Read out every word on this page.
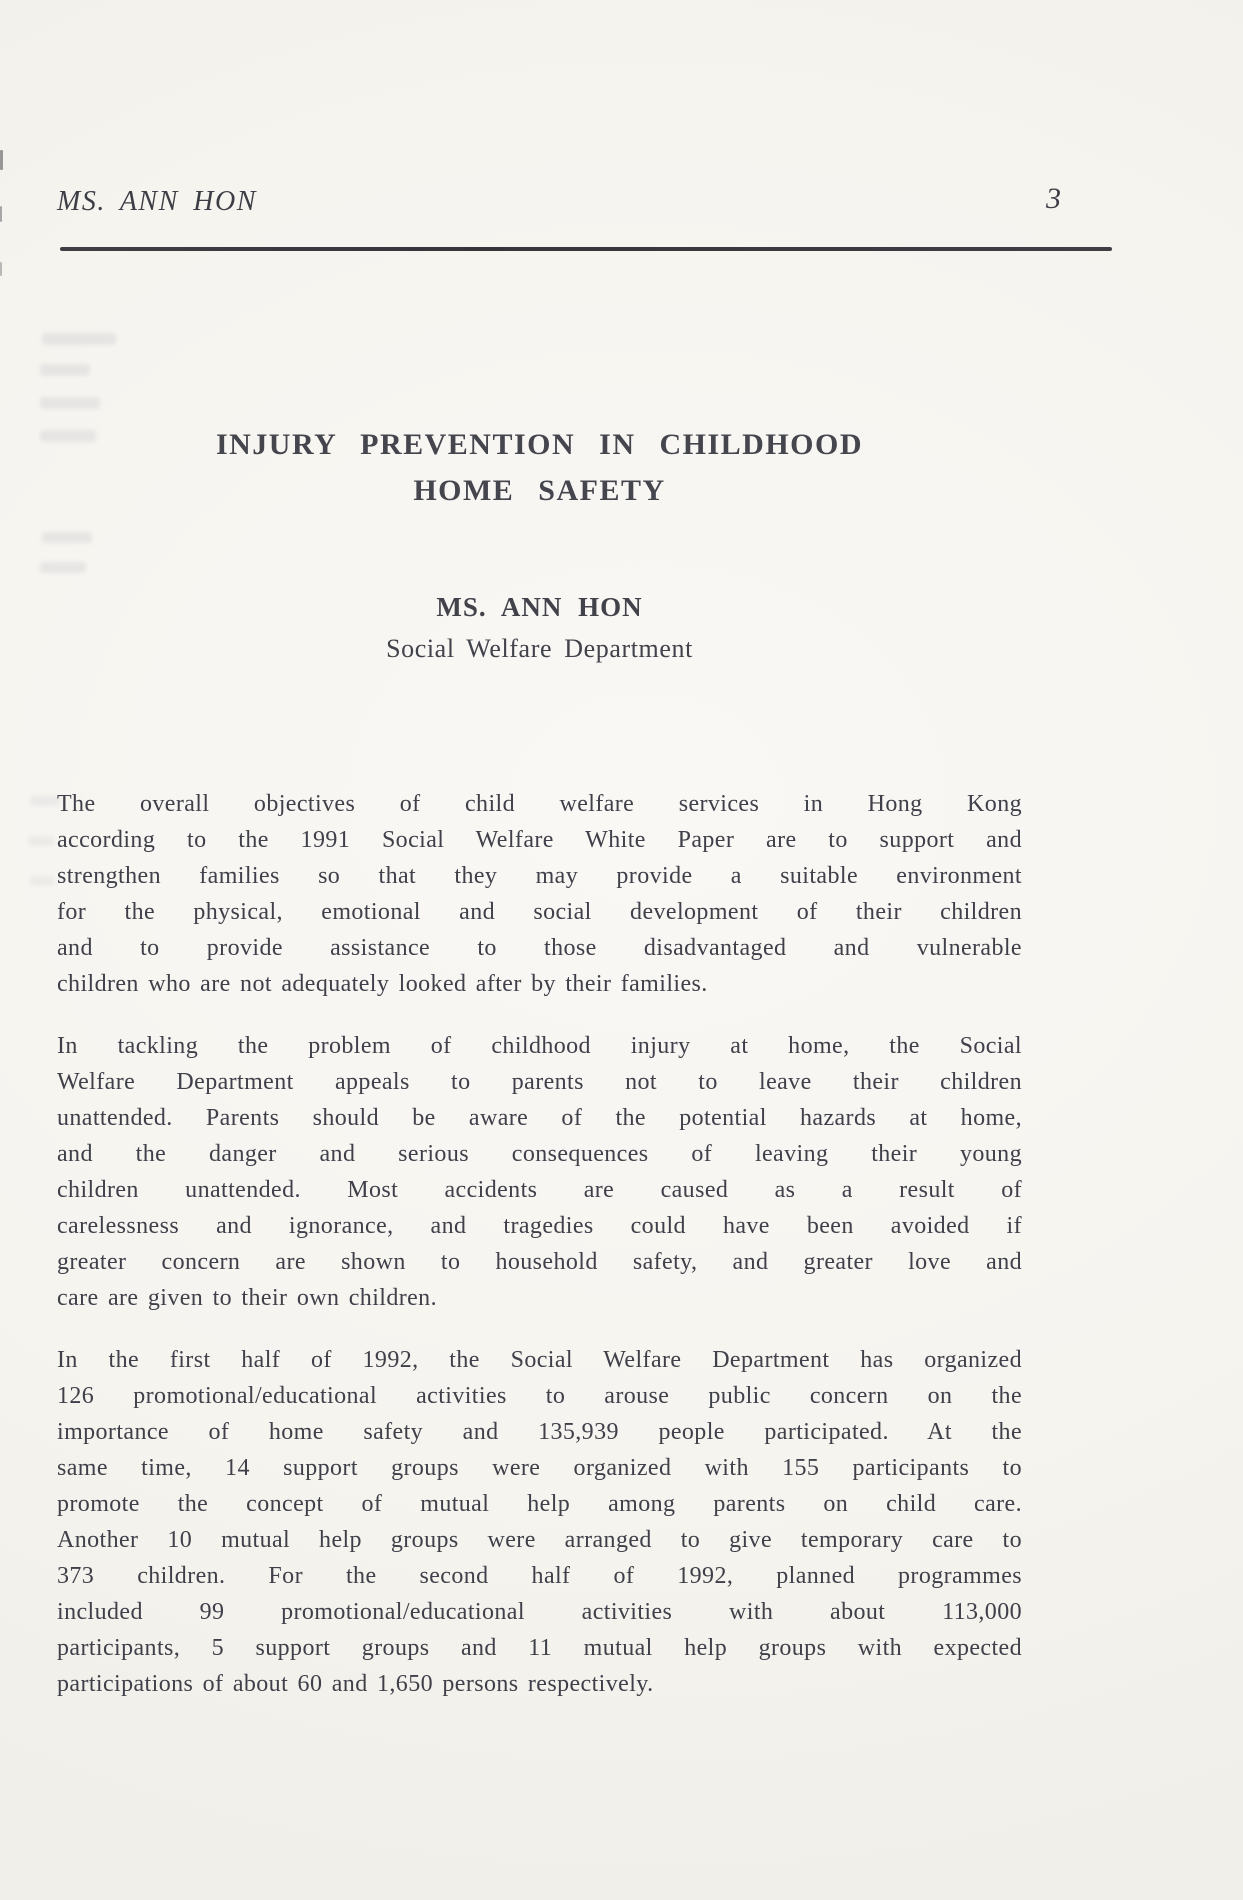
MS. ANN HON	3
INJURY PREVENTION IN CHILDHOOD
HOME SAFETY
MS. ANN HON
Social Welfare Department

The overall objectives of child welfare services in Hong Kong
according to the 1991 Social Welfare White Paper are to support and
strengthen families so that they may provide a suitable environment
for the physical, emotional and social development of their children
and to provide assistance to those disadvantaged and vulnerable
children who are not adequately looked after by their families.

In tackling the problem of childhood injury at home, the Social
Welfare Department appeals to parents not to leave their children
unattended. Parents should be aware of the potential hazards at home,
and the danger and serious consequences of leaving their young
children unattended. Most accidents are caused as a result of
carelessness and ignorance, and tragedies could have been avoided if
greater concern are shown to household safety, and greater love and
care are given to their own children.

In the first half of 1992, the Social Welfare Department has organized
126 promotional/educational activities to arouse public concern on the
importance of home safety and 135,939 people participated. At the
same time, 14 support groups were organized with 155 participants to
promote the concept of mutual help among parents on child care.
Another 10 mutual help groups were arranged to give temporary care to
373 children. For the second half of 1992, planned programmes
included 99 promotional/educational activities with about 113,000
participants, 5 support groups and 11 mutual help groups with expected
participations of about 60 and 1,650 persons respectively.
